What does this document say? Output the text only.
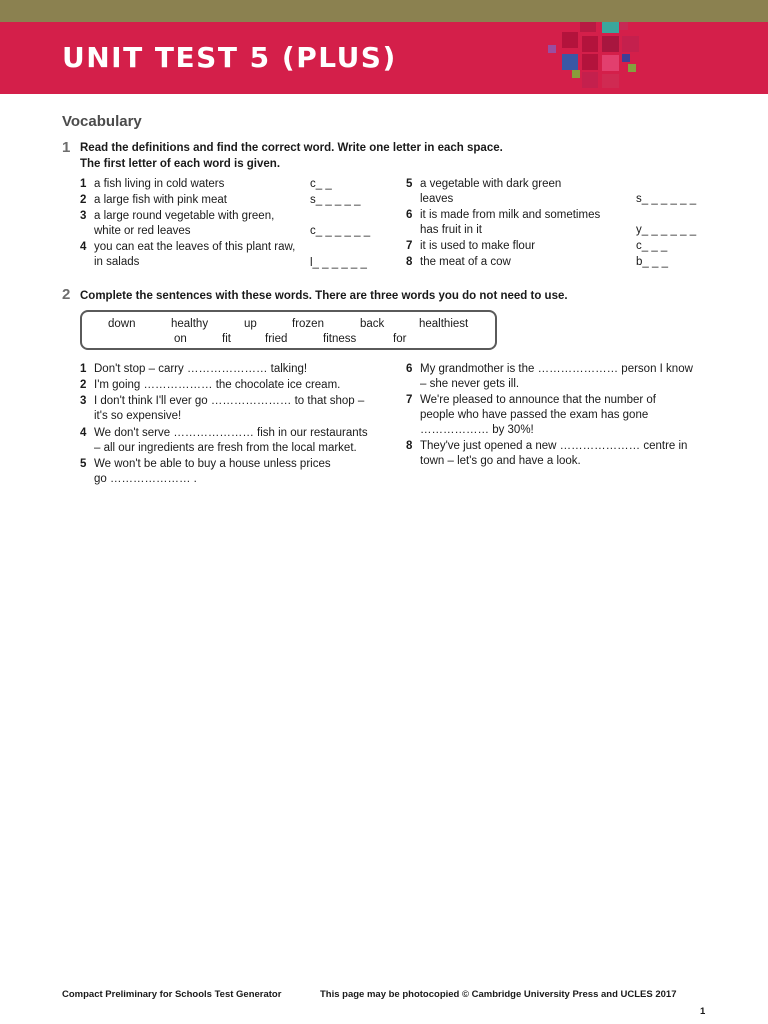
UNIT TEST 5 (PLUS)
Vocabulary
1 Read the definitions and find the correct word. Write one letter in each space.
The first letter of each word is given.

1 a fish living in cold waters	c_ _
2 a large fish with pink meat	s_ _ _ _ _
3 a large round vegetable with green,
white or red leaves	c_ _ _ _ _ _
4 you can eat the leaves of this plant raw,
in salads	l_ _ _ _ _ _
5 a vegetable with dark green
leaves	s_ _ _ _ _ _
6 it is made from milk and sometimes
has fruit in it	y_ _ _ _ _ _
7 it is used to make flour	c_ _ _
8 the meat of a cow	b_ _ _
2 Complete the sentences with these words. There are three words you do not need to use.

down	healthy	up	frozen	back	healthiest
on	fit	fried	fitness	for
1 Don't stop – carry ………………… talking!
2 I'm going ……………… the chocolate ice cream.
3 I don't think I'll ever go ………………… to that shop –
it's so expensive!
4 We don't serve ………………… fish in our restaurants
– all our ingredients are fresh from the local market.
5 We won't be able to buy a house unless prices
go ………………… .
6 My grandmother is the ………………… person I know
– she never gets ill.
7 We're pleased to announce that the number of
people who have passed the exam has gone
……………… by 30%!
8 They've just opened a new ………………… centre in
town – let's go and have a look.
Compact Preliminary for Schools Test Generator	This page may be photocopied © Cambridge University Press and UCLES 2017
1
